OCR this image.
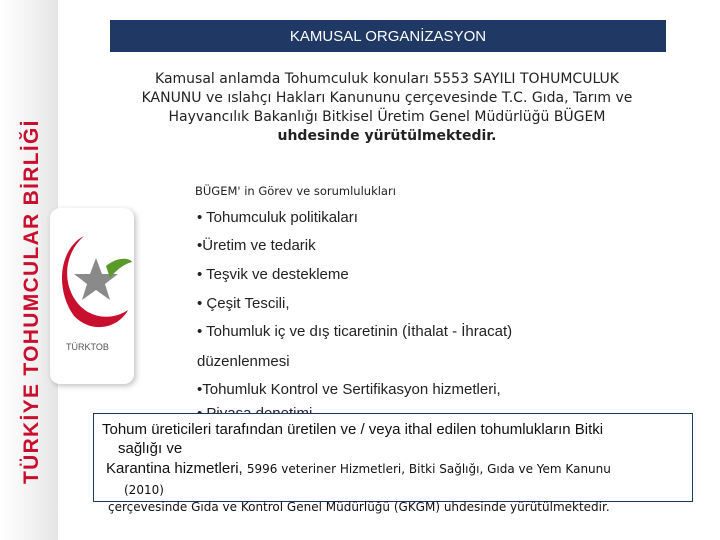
TÜRKİYE TOHUMCULAR BİRLİĞİ
KAMUSAL ORGANİZASYON
TÜRKTOB
Kamusal anlamda Tohumculuk konuları 5553 SAYILI TOHUMCULUK
KANUNU ve ıslahçı Hakları Kanununu çerçevesinde T.C. Gıda, Tarım ve
Hayvancılık Bakanlığı Bitkisel Üretim Genel Müdürlüğü BÜGEM
uhdesinde yürütülmektedir.
BÜGEM' in Görev ve sorumlulukları
• Tohumculuk politikaları
•Üretim ve tedarik
• Teşvik ve destekleme
• Çeşit Tescili,
• Tohumluk iç ve dış ticaretinin (İthalat - İhracat)
düzenlenmesi
•Tohumluk Kontrol ve Sertifikasyon hizmetleri,
Tohum üreticileri tarafından üretilen ve / veya ithal edilen tohumlukların Bitki
sağlığı ve
Karantina hizmetleri, 5996 veteriner Hizmetleri, Bitki Sağlığı, Gıda ve Yem Kanunu
(2010)
çerçevesinde Gıda ve Kontrol Genel Müdürlüğü (GKGM) uhdesinde yürütülmektedir.
